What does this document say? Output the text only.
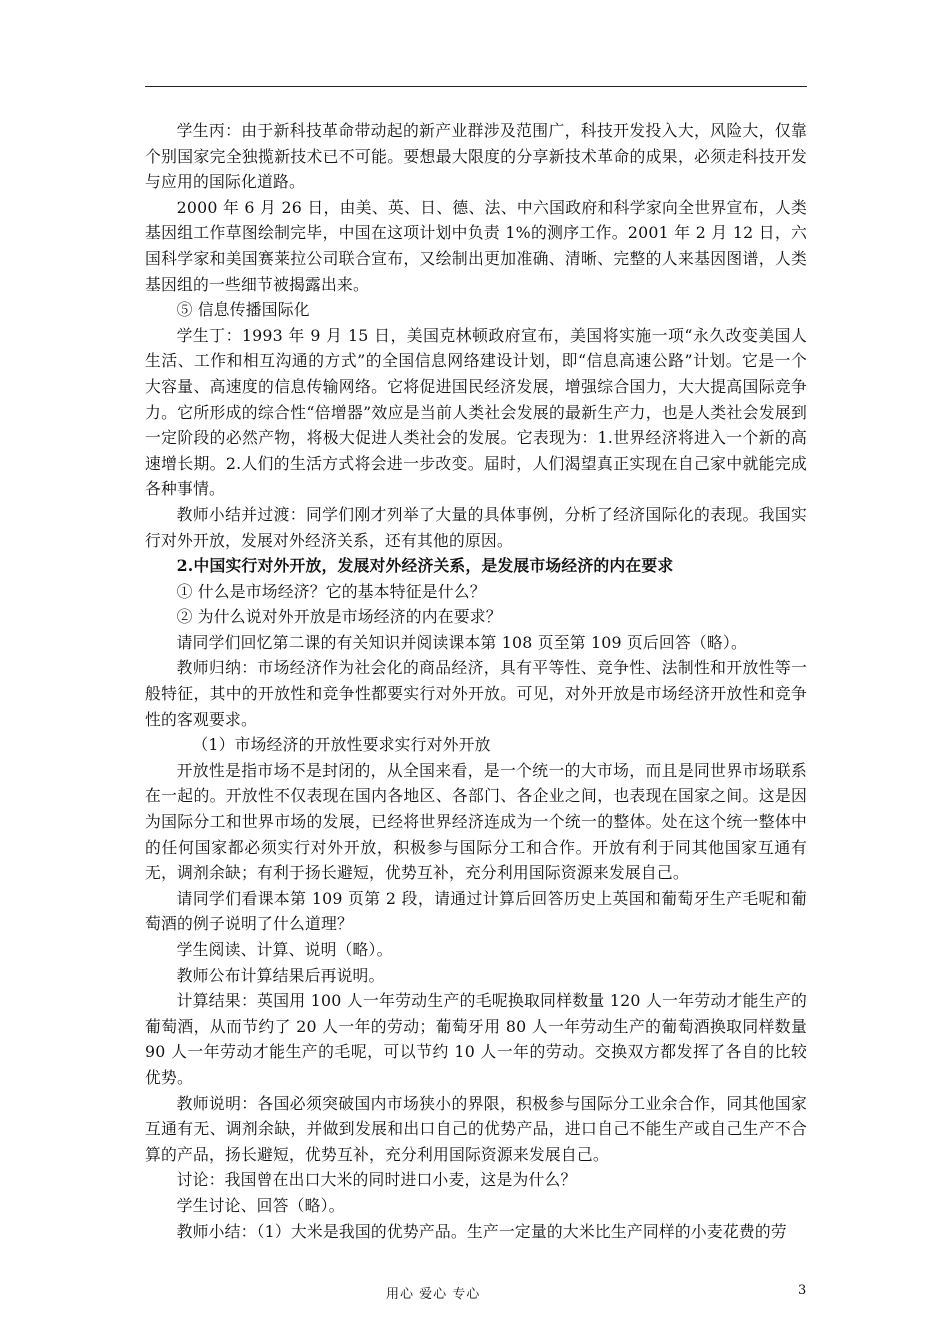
学生丙：由于新科技革命带动起的新产业群涉及范围广，科技开发投入大，风险大，仅靠个别国家完全独揽新技术已不可能。要想最大限度的分享新技术革命的成果，必须走科技开发与应用的国际化道路。

2000 年 6 月 26 日，由美、英、日、德、法、中六国政府和科学家向全世界宣布，人类基因组工作草图绘制完毕，中国在这项计划中负责 1%的测序工作。2001 年 2 月 12 日，六国科学家和美国赛莱拉公司联合宣布，又绘制出更加准确、清晰、完整的人来基因图谱，人类基因组的一些细节被揭露出来。

⑤ 信息传播国际化

学生丁：1993 年 9 月 15 日，美国克林顿政府宣布，美国将实施一项“永久改变美国人生活、工作和相互沟通的方式”的全国信息网络建设计划，即“信息高速公路”计划。它是一个大容量、高速度的信息传输网络。它将促进国民经济发展，增强综合国力，大大提高国际竞争力。它所形成的综合性“倍增器”效应是当前人类社会发展的最新生产力，也是人类社会发展到一定阶段的必然产物，将极大促进人类社会的发展。它表现为：1.世界经济将进入一个新的高速增长期。2.人们的生活方式将会进一步改变。届时，人们渴望真正实现在自己家中就能完成各种事情。

教师小结并过渡：同学们刚才列举了大量的具体事例，分析了经济国际化的表现。我国实行对外开放，发展对外经济关系，还有其他的原因。

2.中国实行对外开放，发展对外经济关系，是发展市场经济的内在要求

① 什么是市场经济？它的基本特征是什么？

② 为什么说对外开放是市场经济的内在要求？

请同学们回忆第二课的有关知识并阅读课本第 108 页至第 109 页后回答（略）。

教师归纳：市场经济作为社会化的商品经济，具有平等性、竞争性、法制性和开放性等一般特征，其中的开放性和竞争性都要实行对外开放。可见，对外开放是市场经济开放性和竞争性的客观要求。

（1）市场经济的开放性要求实行对外开放

开放性是指市场不是封闭的，从全国来看，是一个统一的大市场，而且是同世界市场联系在一起的。开放性不仅表现在国内各地区、各部门、各企业之间，也表现在国家之间。这是因为国际分工和世界市场的发展，已经将世界经济连成为一个统一的整体。处在这个统一整体中的任何国家都必须实行对外开放，积极参与国际分工和合作。开放有利于同其他国家互通有无，调剂余缺；有利于扬长避短，优势互补，充分利用国际资源来发展自己。

请同学们看课本第 109 页第 2 段，请通过计算后回答历史上英国和葡萄牙生产毛呢和葡萄酒的例子说明了什么道理？

学生阅读、计算、说明（略）。

教师公布计算结果后再说明。

计算结果：英国用 100 人一年劳动生产的毛呢换取同样数量 120 人一年劳动才能生产的葡萄酒，从而节约了 20 人一年的劳动；葡萄牙用 80 人一年劳动生产的葡萄酒换取同样数量 90 人一年劳动才能生产的毛呢，可以节约 10 人一年的劳动。交换双方都发挥了各自的比较优势。

教师说明：各国必须突破国内市场狭小的界限，积极参与国际分工业余合作，同其他国家互通有无、调剂余缺，并做到发展和出口自己的优势产品，进口自己不能生产或自己生产不合算的产品，扬长避短，优势互补，充分利用国际资源来发展自己。

讨论：我国曾在出口大米的同时进口小麦，这是为什么？

学生讨论、回答（略）。

教师小结：（1）大米是我国的优势产品。生产一定量的大米比生产同样的小麦花费的劳

用心 爱心 专心	3
